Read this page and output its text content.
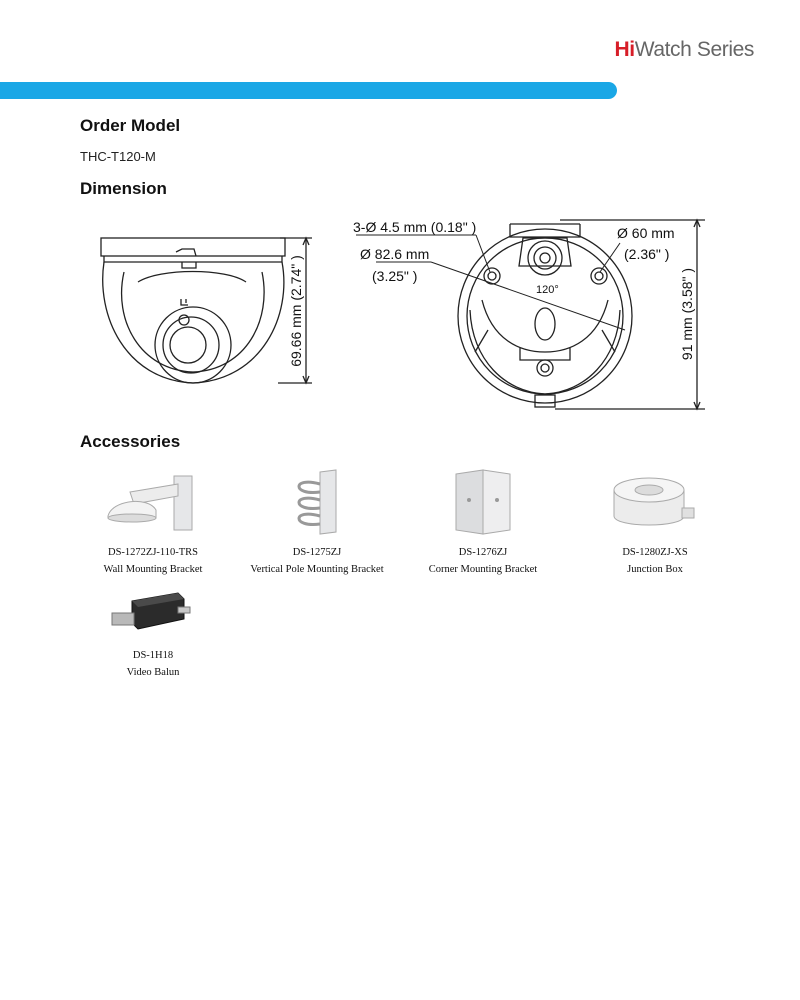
HiWatch Series
Order Model
THC-T120-M
Dimension
69.66 mm (2.74" )
3-Ø 4.5 mm (0.18" )
Ø 82.6 mm
(3.25" )
Ø 60 mm
(2.36" )
120°	91 mm (3.58" )
Accessories
DS-1272ZJ-110-TRS
Wall Mounting Bracket
DS-1275ZJ
Vertical Pole Mounting Bracket
DS-1276ZJ
Corner Mounting Bracket
DS-1280ZJ-XS
Junction Box
DS-1H18
Video Balun
